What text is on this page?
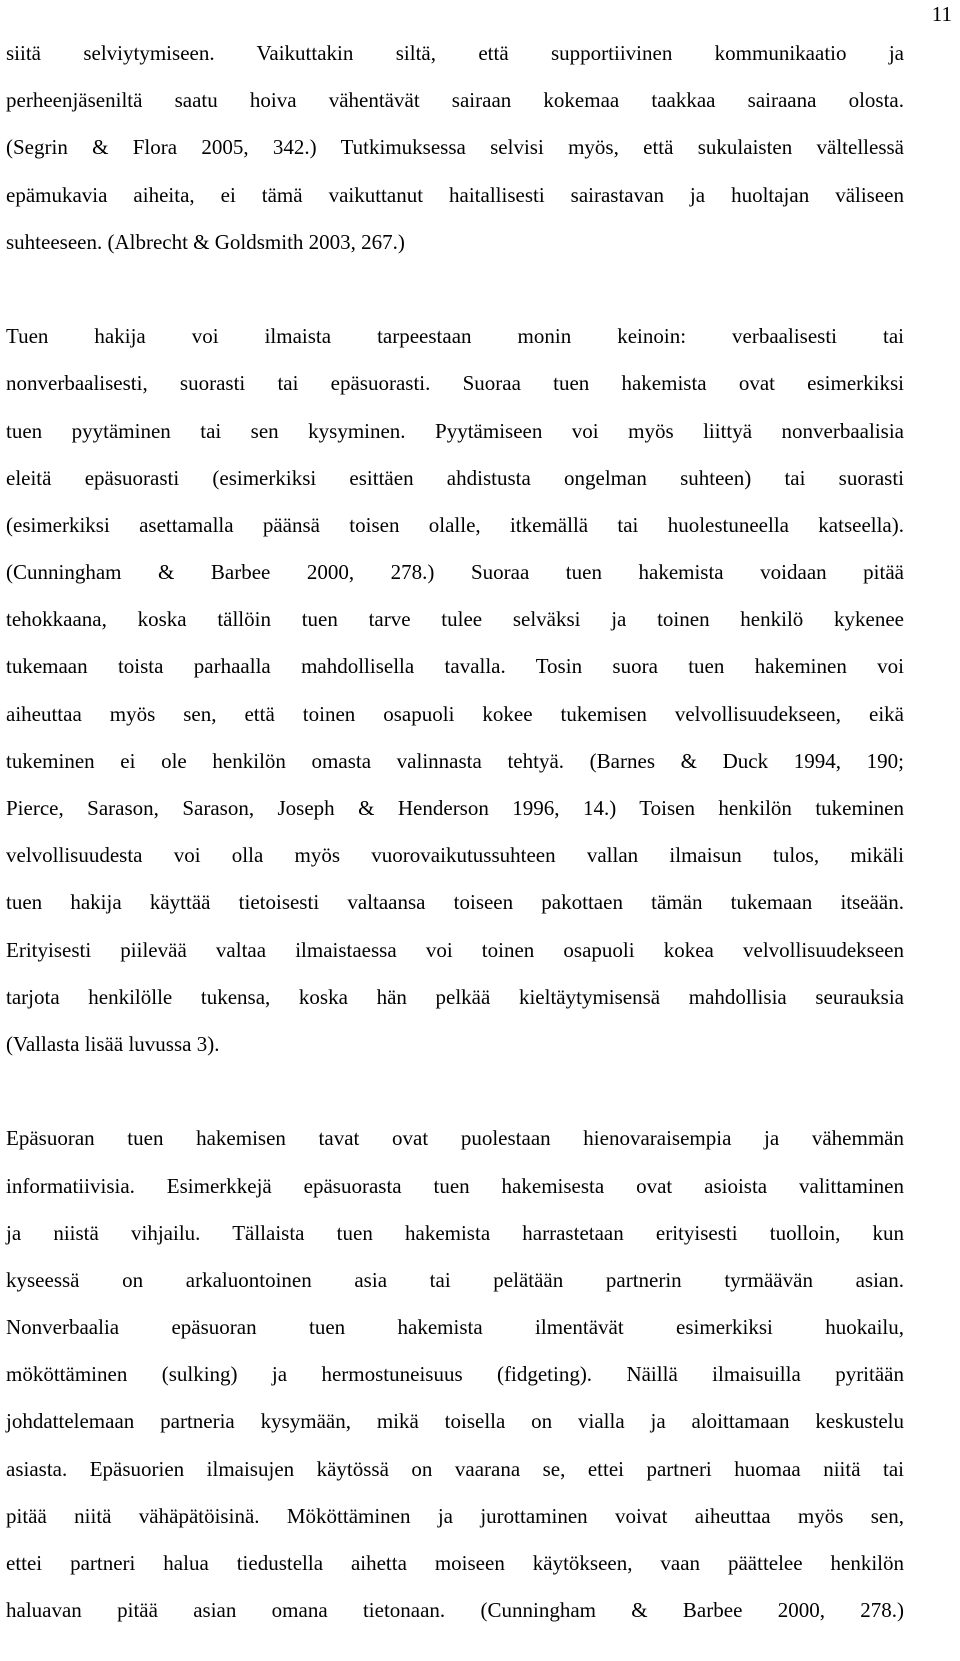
11

siitä selviytymiseen. Vaikuttakin siltä, että supportiivinen kommunikaatio ja
perheenjäseniltä saatu hoiva vähentävät sairaan kokemaa taakkaa sairaana olosta.
(Segrin & Flora 2005, 342.) Tutkimuksessa selvisi myös, että sukulaisten vältellessä
epämukavia aiheita, ei tämä vaikuttanut haitallisesti sairastavan ja huoltajan väliseen
suhteeseen. (Albrecht & Goldsmith 2003, 267.)

Tuen hakija voi ilmaista tarpeestaan monin keinoin: verbaalisesti tai
nonverbaalisesti, suorasti tai epäsuorasti. Suoraa tuen hakemista ovat esimerkiksi
tuen pyytäminen tai sen kysyminen. Pyytämiseen voi myös liittyä nonverbaalisia
eleitä epäsuorasti (esimerkiksi esittäen ahdistusta ongelman suhteen) tai suorasti
(esimerkiksi asettamalla päänsä toisen olalle, itkemällä tai huolestuneella katseella).
(Cunningham & Barbee 2000, 278.) Suoraa tuen hakemista voidaan pitää
tehokkaana, koska tällöin tuen tarve tulee selväksi ja toinen henkilö kykenee
tukemaan toista parhaalla mahdollisella tavalla. Tosin suora tuen hakeminen voi
aiheuttaa myös sen, että toinen osapuoli kokee tukemisen velvollisuudekseen, eikä
tukeminen ei ole henkilön omasta valinnasta tehtyä. (Barnes & Duck 1994, 190;
Pierce, Sarason, Sarason, Joseph & Henderson 1996, 14.) Toisen henkilön tukeminen
velvollisuudesta voi olla myös vuorovaikutussuhteen vallan ilmaisun tulos, mikäli
tuen hakija käyttää tietoisesti valtaansa toiseen pakottaen tämän tukemaan itseään.
Erityisesti piilevää valtaa ilmaistaessa voi toinen osapuoli kokea velvollisuudekseen
tarjota henkilölle tukensa, koska hän pelkää kieltäytymisensä mahdollisia seurauksia
(Vallasta lisää luvussa 3).

Epäsuoran tuen hakemisen tavat ovat puolestaan hienovaraisempia ja vähemmän
informatiivisia. Esimerkkejä epäsuorasta tuen hakemisesta ovat asioista valittaminen
ja niistä vihjailu. Tällaista tuen hakemista harrastetaan erityisesti tuolloin, kun
kyseessä on arkaluontoinen asia tai pelätään partnerin tyrmäävän asian.
Nonverbaalia epäsuoran tuen hakemista ilmentävät esimerkiksi huokailu,
mököttäminen (sulking) ja hermostuneisuus (fidgeting). Näillä ilmaisuilla pyritään
johdattelemaan partneria kysymään, mikä toisella on vialla ja aloittamaan keskustelu
asiasta. Epäsuorien ilmaisujen käytössä on vaarana se, ettei partneri huomaa niitä tai
pitää niitä vähäpätöisinä. Mököttäminen ja jurottaminen voivat aiheuttaa myös sen,
ettei partneri halua tiedustella aihetta moiseen käytökseen, vaan päättelee henkilön
haluavan pitää asian omana tietonaan. (Cunningham & Barbee 2000, 278.)
